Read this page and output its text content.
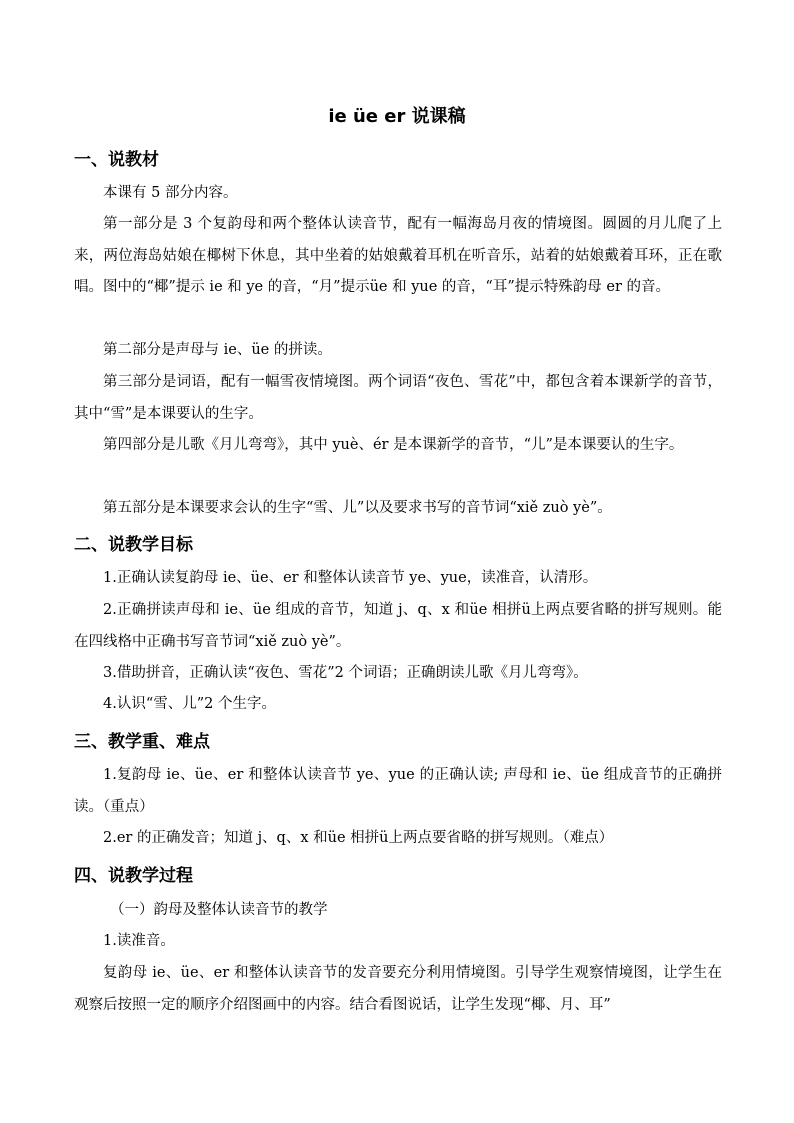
ie üe er 说课稿
一、说教材
本课有 5 部分内容。
第一部分是 3 个复韵母和两个整体认读音节，配有一幅海岛月夜的情境图。圆圆的月儿爬了上来，两位海岛姑娘在椰树下休息，其中坐着的姑娘戴着耳机在听音乐，站着的姑娘戴着耳环，正在歌唱。图中的“椰”提示 ie 和 ye 的音，“月”提示üe 和 yue 的音，“耳”提示特殊韵母 er 的音。
第二部分是声母与 ie、üe 的拼读。
第三部分是词语，配有一幅雪夜情境图。两个词语“夜色、雪花”中，都包含着本课新学的音节，其中“雪”是本课要认的生字。
第四部分是儿歌《月儿弯弯》，其中 yuè、ér 是本课新学的音节，“儿”是本课要认的生字。
第五部分是本课要求会认的生字“雪、儿”以及要求书写的音节词“xiě zuò yè”。
二、说教学目标
1.正确认读复韵母 ie、üe、er 和整体认读音节 ye、yue，读准音，认清形。
2.正确拼读声母和 ie、üe 组成的音节，知道 j、q、x 和üe 相拼ü上两点要省略的拼写规则。能在四线格中正确书写音节词“xiě zuò yè”。
3.借助拼音，正确认读“夜色、雪花”2 个词语；正确朗读儿歌《月儿弯弯》。
4.认识“雪、儿”2 个生字。
三、教学重、难点
1.复韵母 ie、üe、er 和整体认读音节 ye、yue 的正确认读; 声母和 ie、üe 组成音节的正确拼读。（重点）
2.er 的正确发音；知道 j、q、x 和üe 相拼ü上两点要省略的拼写规则。（难点）
四、说教学过程
（一）韵母及整体认读音节的教学
1.读准音。
复韵母 ie、üe、er 和整体认读音节的发音要充分利用情境图。引导学生观察情境图，让学生在观察后按照一定的顺序介绍图画中的内容。结合看图说话，让学生发现“椰、月、耳”
